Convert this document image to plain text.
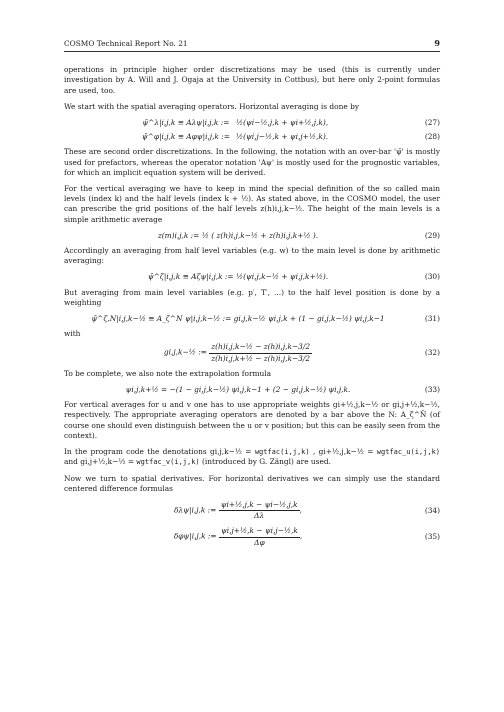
COSMO Technical Report No. 21	9

operations in principle higher order discretizations may be used (this is currently under investigation by A. Will and J. Ogaja at the University in Cottbus), but here only 2-point formulas are used, too.

We start with the spatial averaging operators. Horizontal averaging is done by

ψ̄^λ|i,j,k ≡ Aλψ|i,j,k := ½(ψi−½,j,k + ψi+½,j,k),
ψ̄^φ|i,j,k ≡ Aφψ|i,j,k := ½(ψi,j−½,k + ψi,j+½,k).
(27)
(28)

These are second order discretizations. In the following, the notation with an over-bar 'ψ̄' is mostly used for prefactors, whereas the operator notation 'Aψ' is mostly used for the prognostic variables, for which an implicit equation system will be derived.

For the vertical averaging we have to keep in mind the special definition of the so called main levels (index k) and the half levels (index k + ½). As stated above, in the COSMO model, the user can prescribe the grid positions of the half levels z(h)i,j,k−½. The height of the main levels is a simple arithmetic average

z(m)i,j,k := ½ ( z(h)i,j,k−½ + z(h)i,j,k+½ ).	(29)

Accordingly an averaging from half level variables (e.g. w) to the main level is done by arithmetic averaging:

ψ̄^ζ|i,j,k ≡ Aζψ|i,j,k := ½(ψi,j,k−½ + ψi,j,k+½).	(30)

But averaging from main level variables (e.g. p′, T′, ...) to the half level position is done by a weighting

ψ̄^ζ,N|i,j,k−½ ≡ A_ζ^N ψ|i,j,k−½ := gi,j,k−½ ψi,j,k + (1 − gi,j,k−½) ψi,j,k−1	(31)

with

gi,j,k−½ := $\frac{\text{z(h)i,j,k−½ − z(h)i,j,k−3/2}}{\text{z(h)i,j,k+½ − z(h)i,j,k−3/2}}$	(32)

To be complete, we also note the extrapolation formula

ψi,j,k+½ = −(1 − gi,j,k−½) ψi,j,k−1 + (2 − gi,j,k−½) ψi,j,k.	(33)

For vertical averages for u and v one has to use appropriate weights gi+½,j,k−½ or gi,j+½,k−½, respectively. The appropriate averaging operators are denoted by a bar above the N: A_ζ^N̄ (of course one should even distinguish between the u or v position; but this can be easily seen from the context).

In the program code the denotations gi,j,k−½ = wgtfac(i,j,k) , gi+½,j,k−½ = wgtfac_u(i,j,k) and gi,j+½,k−½ = wgtfac_v(i,j,k) (introduced by G. Zängl) are used.

Now we turn to spatial derivatives. For horizontal derivatives we can simply use the standard centered difference formulas

δλψ|i,j,k := $\frac{\text{ψi+½,j,k − ψi−½,j,k}}{\Delta\lambda}$ ,	(34)
δφψ|i,j,k := $\frac{\text{ψi,j+½,k − ψi,j−½,k}}{\Delta\varphi}$ ,	(35)
